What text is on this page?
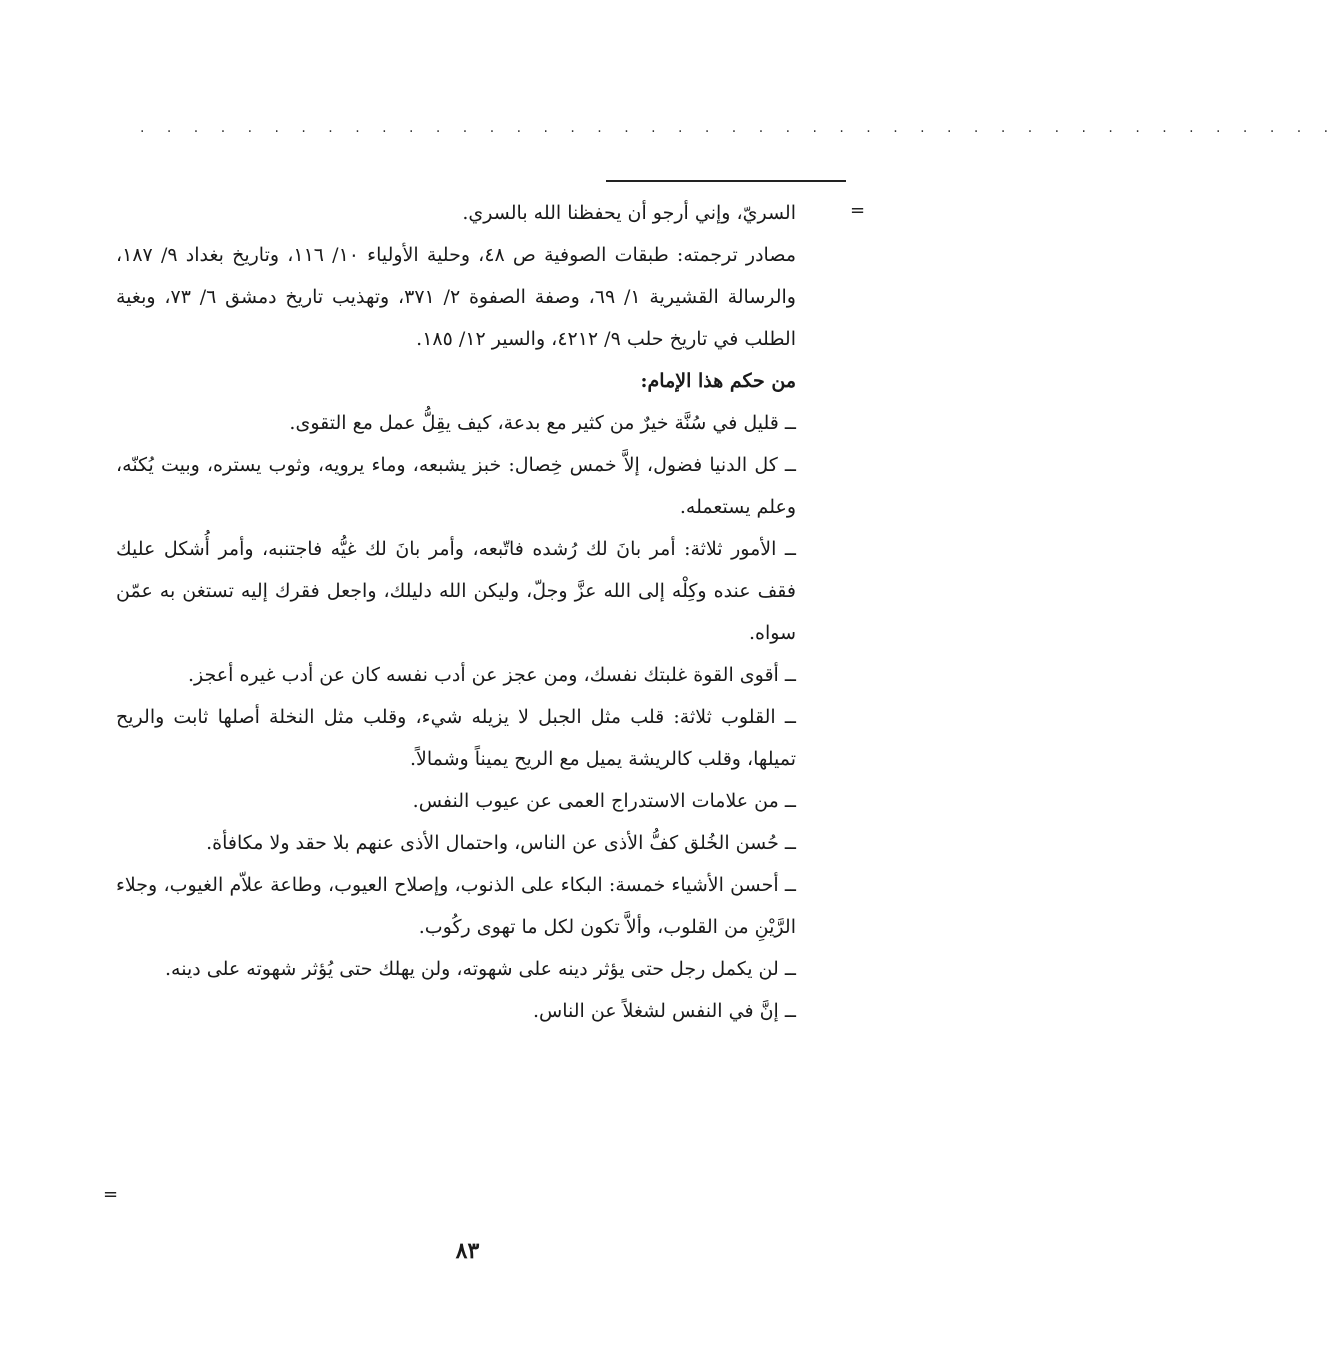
· · · · · · · · · · · · · · · · · · · · · · · · · · · · · · · · · · · · · · · · · · · · ·
=

السريّ، وإني أرجو أن يحفظنا الله بالسري.

مصادر ترجمته: طبقات الصوفية ص ٤٨، وحلية الأولياء ١٠/ ١١٦، وتاريخ بغداد ٩/ ١٨٧، والرسالة القشيرية ١/ ٦٩، وصفة الصفوة ٢/ ٣٧١، وتهذيب تاريخ دمشق ٦/ ٧٣، وبغية الطلب في تاريخ حلب ٩/ ٤٢١٢، والسير ١٢/ ١٨٥.

من حكم هذا الإمام:

ــ قليل في سُنَّة خيرٌ من كثير مع بدعة، كيف يقِلُّ عمل مع التقوى.

ــ كل الدنيا فضول، إلاَّ خمس خِصال: خبز يشبعه، وماء يرويه، وثوب يستره، وبيت يُكنّه، وعلم يستعمله.

ــ الأمور ثلاثة: أمر بانَ لك رُشده فاتّبعه، وأمر بانَ لك غيُّه فاجتنبه، وأمر أُشكل عليك فقف عنده وكِلْه إلى الله عزَّ وجلّ، وليكن الله دليلك، واجعل فقرك إليه تستغن به عمّن سواه.

ــ أقوى القوة غلبتك نفسك، ومن عجز عن أدب نفسه كان عن أدب غيره أعجز.

ــ القلوب ثلاثة: قلب مثل الجبل لا يزيله شيء، وقلب مثل النخلة أصلها ثابت والريح تميلها، وقلب كالريشة يميل مع الريح يميناً وشمالاً.

ــ من علامات الاستدراج العمى عن عيوب النفس.

ــ حُسن الخُلق كفُّ الأذى عن الناس، واحتمال الأذى عنهم بلا حقد ولا مكافأة.

ــ أحسن الأشياء خمسة: البكاء على الذنوب، وإصلاح العيوب، وطاعة علاّم الغيوب، وجلاء الرَّيْنِ من القلوب، وألاَّ تكون لكل ما تهوى ركُوب.

ــ لن يكمل رجل حتى يؤثر دينه على شهوته، ولن يهلك حتى يُؤثر شهوته على دينه.

ــ إنَّ في النفس لشغلاً عن الناس.

=
٨٣
